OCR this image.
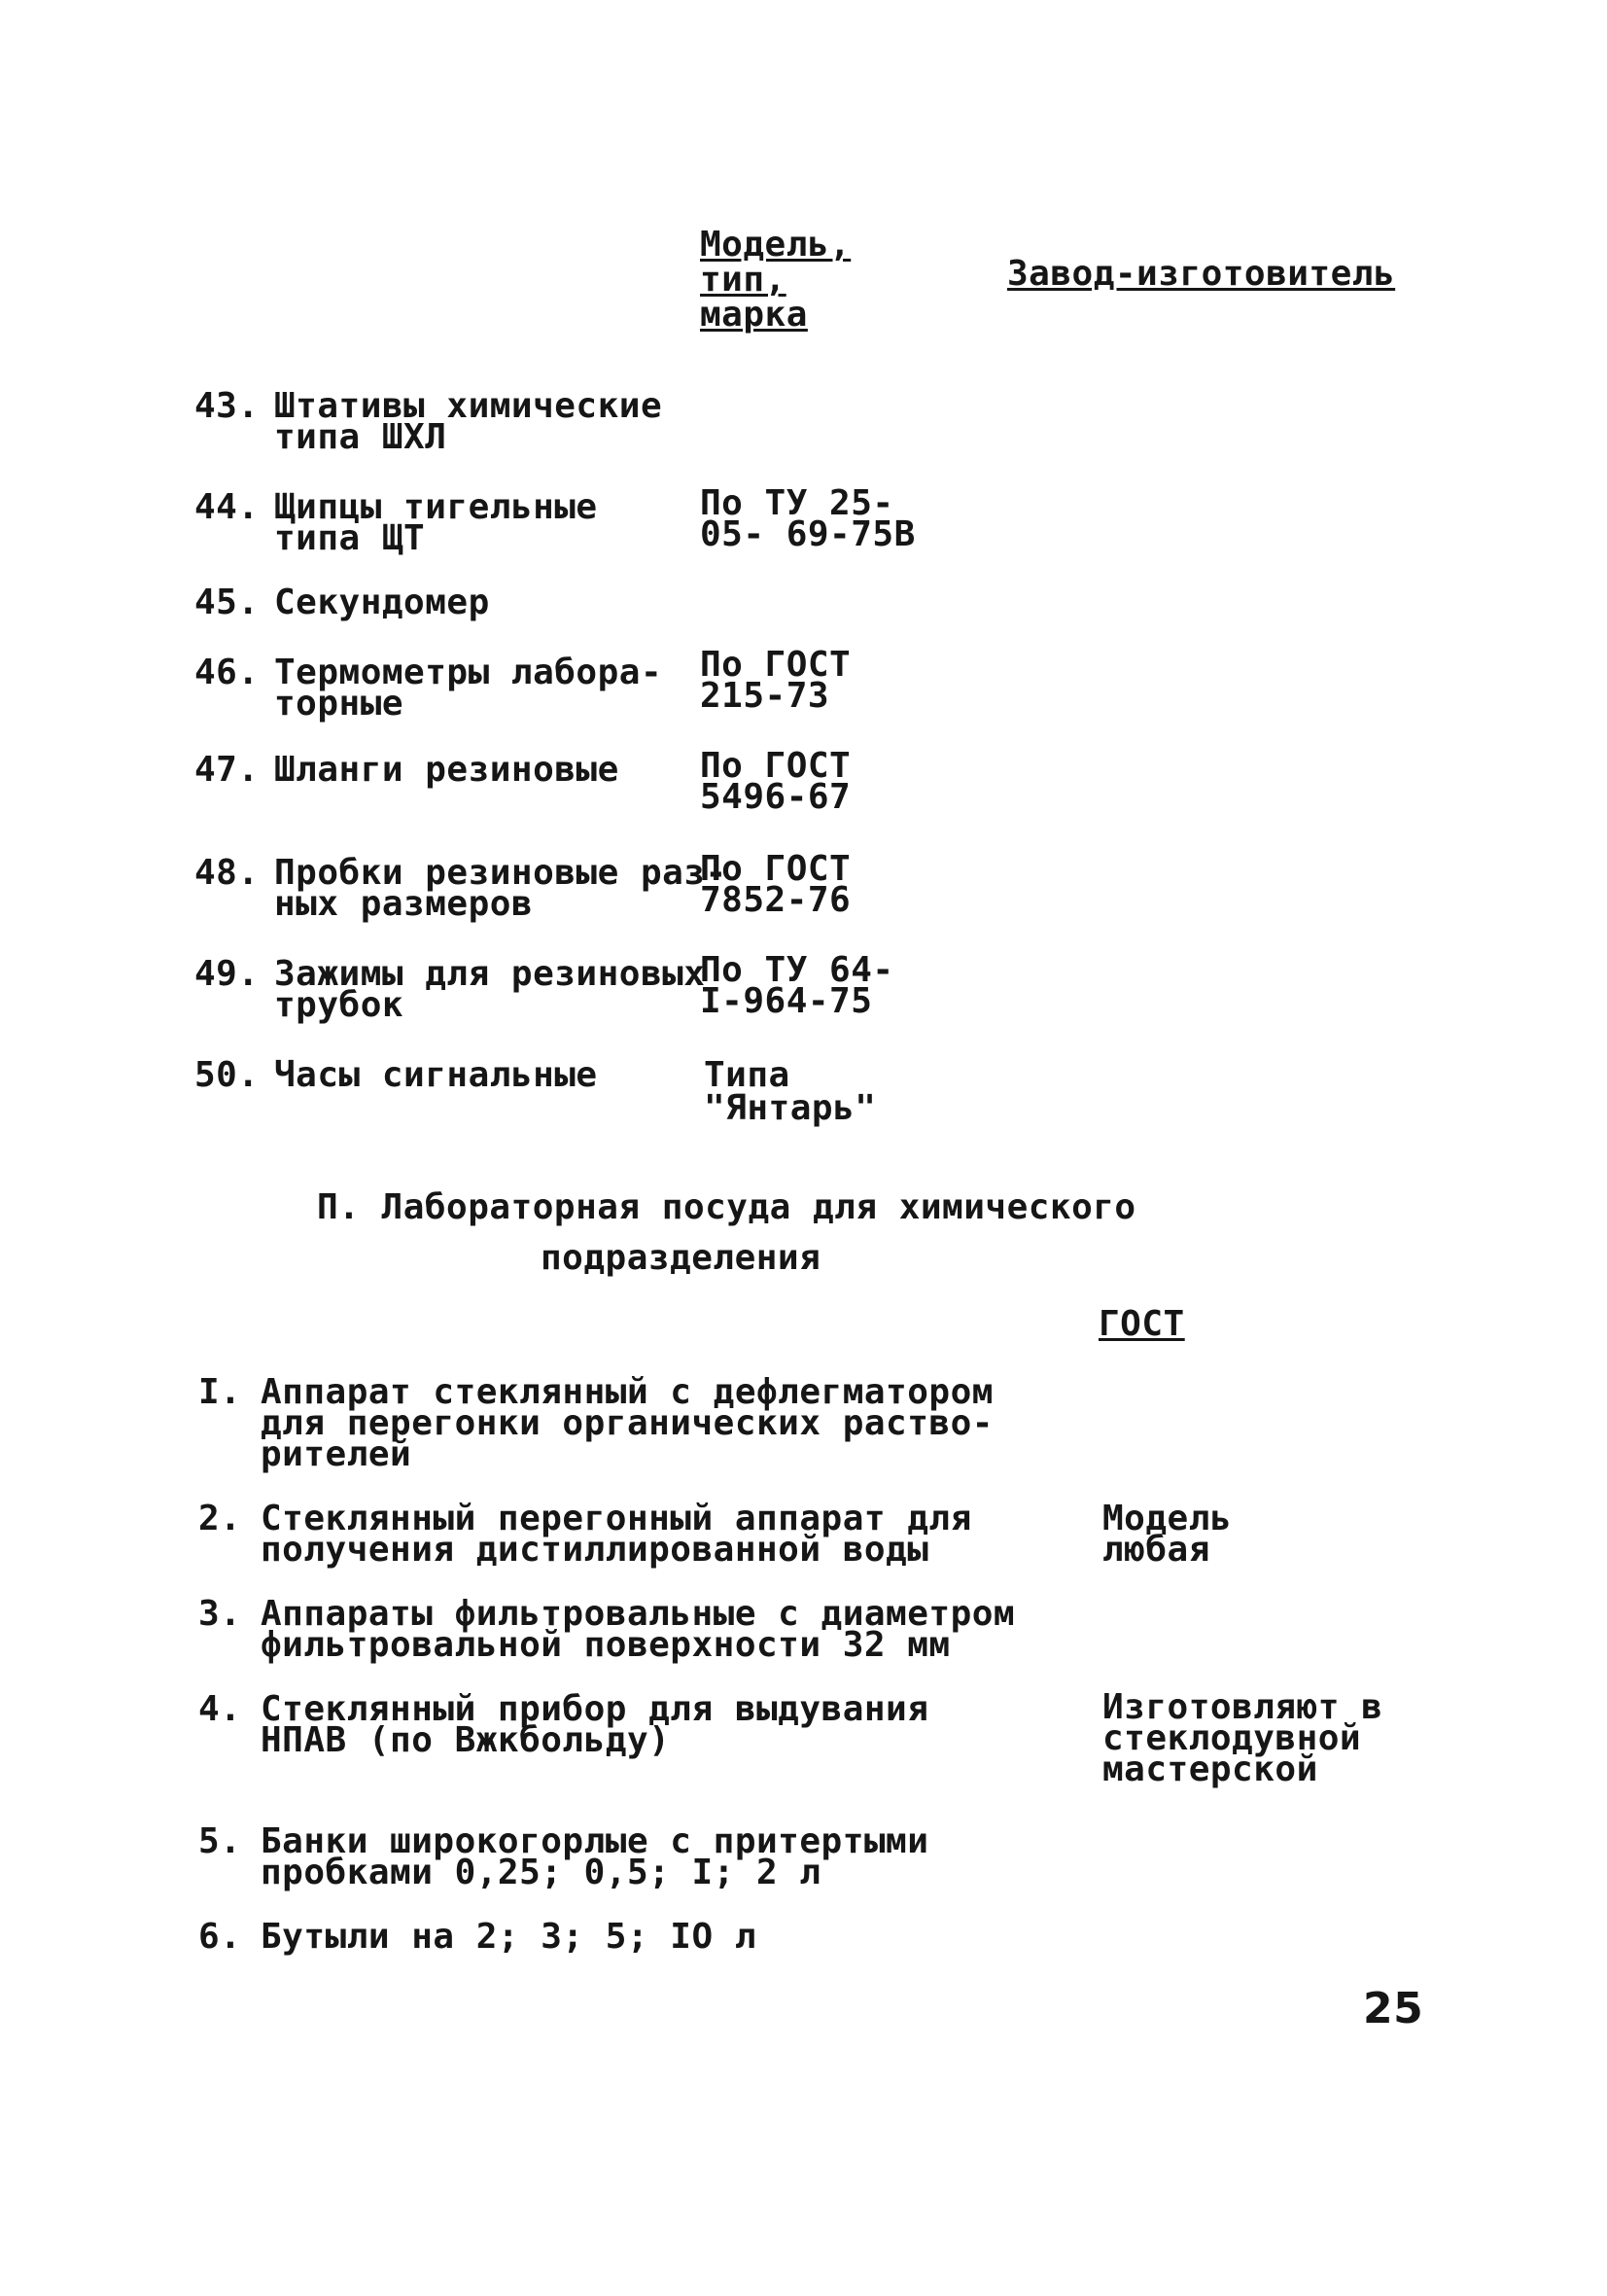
Модель,
тип,
марка
Завод-изготовитель
43. Штативы химические
типа ШХЛ
44. Щипцы тигельные
типа ЩТ
По ТУ 25-
05- 69-75В
45. Секундомер
46. Термометры лабора-
торные
По ГОСТ
215-73
47. Шланги резиновые По ГОСТ
5496-67
48. Пробки резиновые раз-
ных размеров
По ГОСТ
7852-76
49. Зажимы для резиновых
трубок
По ТУ 64-
I-964-75
50. Часы сигнальные	Типа
"Янтарь"
П. Лабораторная посуда для химического
подразделения
ГОСТ
I. Аппарат стеклянный с дефлегматором
для перегонки органических раство-
рителей
2. Стеклянный перегонный аппарат для
получения дистиллированной воды
Модель
любая
3. Аппараты фильтровальные с диаметром
фильтровальной поверхности 32 мм
4. Стеклянный прибор для выдувания
НПАВ (по Вжкбольду)
Изготовляют в
стеклодувной
мастерской
5. Банки широкогорлые с притертыми
пробками 0,25; 0,5; I; 2 л
6. Бутыли на 2; 3; 5; IO л
25
